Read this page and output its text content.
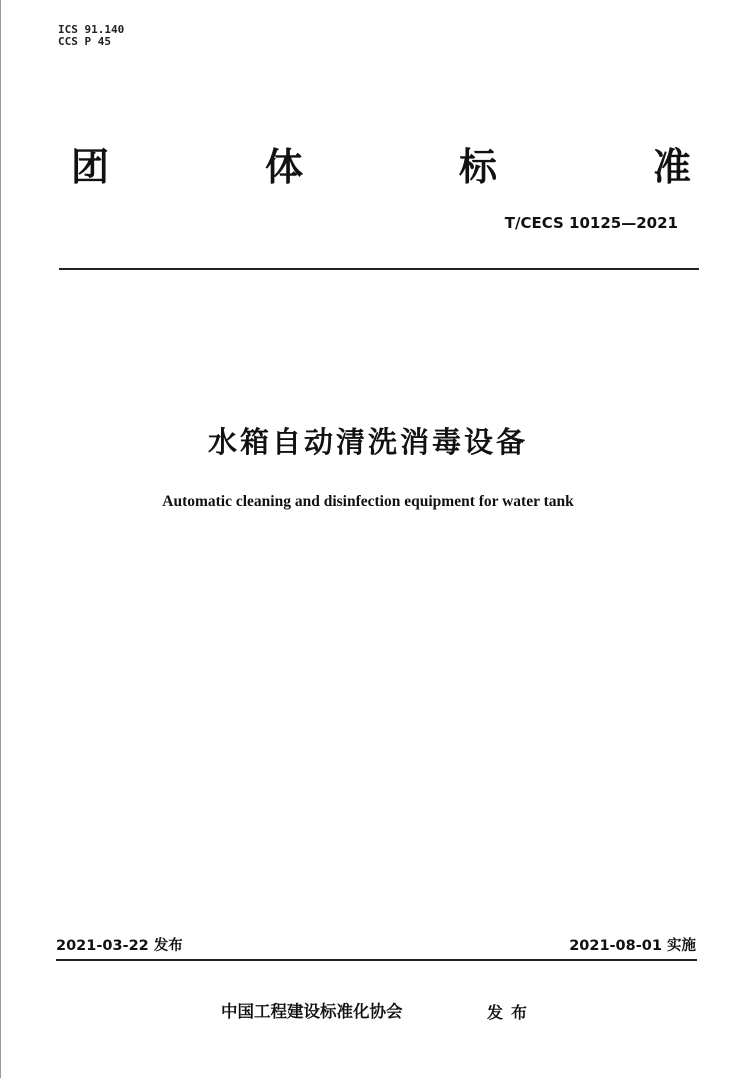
ICS 91.140
CCS P 45
团	体	标	准
T/CECS 10125—2021
水箱自动清洗消毒设备
Automatic cleaning and disinfection equipment for water tank
2021-03-22 发布	2021-08-01 实施
中国工程建设标准化协会	发布
